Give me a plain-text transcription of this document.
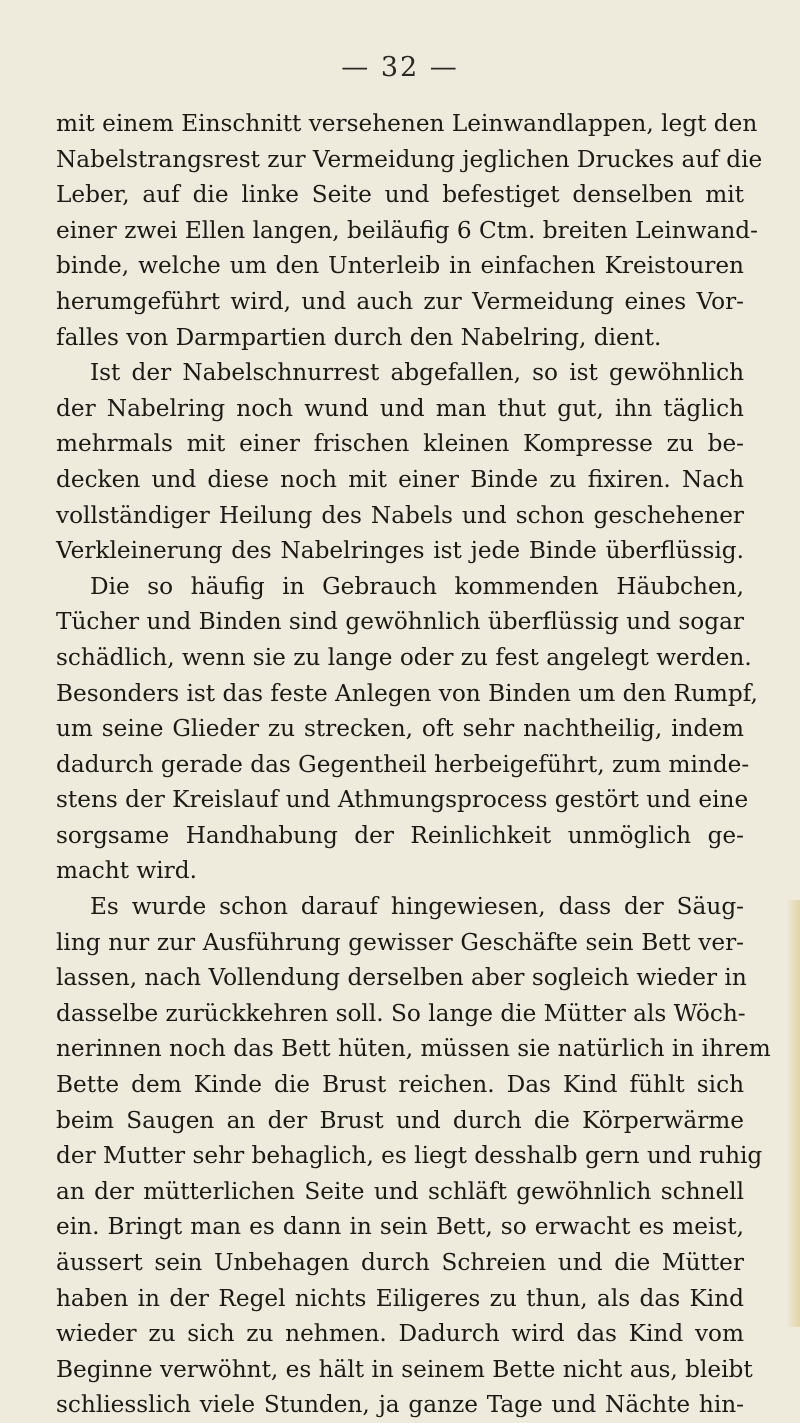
— 32 —
mit einem Einschnitt versehenen Leinwandlappen, legt den
Nabelstrangsrest zur Vermeidung jeglichen Druckes auf die
Leber, auf die linke Seite und befestiget denselben mit
einer zwei Ellen langen, beiläufig 6 Ctm. breiten Leinwand-
binde, welche um den Unterleib in einfachen Kreistouren
herumgeführt wird, und auch zur Vermeidung eines Vor-
falles von Darmpartien durch den Nabelring, dient.
Ist der Nabelschnurrest abgefallen, so ist gewöhnlich
der Nabelring noch wund und man thut gut, ihn täglich
mehrmals mit einer frischen kleinen Kompresse zu be-
decken und diese noch mit einer Binde zu fixiren. Nach
vollständiger Heilung des Nabels und schon geschehener
Verkleinerung des Nabelringes ist jede Binde überflüssig.
Die so häufig in Gebrauch kommenden Häubchen,
Tücher und Binden sind gewöhnlich überflüssig und sogar
schädlich, wenn sie zu lange oder zu fest angelegt werden.
Besonders ist das feste Anlegen von Binden um den Rumpf,
um seine Glieder zu strecken, oft sehr nachtheilig, indem
dadurch gerade das Gegentheil herbeigeführt, zum minde-
stens der Kreislauf und Athmungsprocess gestört und eine
sorgsame Handhabung der Reinlichkeit unmöglich ge-
macht wird.
Es wurde schon darauf hingewiesen, dass der Säug-
ling nur zur Ausführung gewisser Geschäfte sein Bett ver-
lassen, nach Vollendung derselben aber sogleich wieder in
dasselbe zurückkehren soll. So lange die Mütter als Wöch-
nerinnen noch das Bett hüten, müssen sie natürlich in ihrem
Bette dem Kinde die Brust reichen. Das Kind fühlt sich
beim Saugen an der Brust und durch die Körperwärme
der Mutter sehr behaglich, es liegt desshalb gern und ruhig
an der mütterlichen Seite und schläft gewöhnlich schnell
ein. Bringt man es dann in sein Bett, so erwacht es meist,
äussert sein Unbehagen durch Schreien und die Mütter
haben in der Regel nichts Eiligeres zu thun, als das Kind
wieder zu sich zu nehmen. Dadurch wird das Kind vom
Beginne verwöhnt, es hält in seinem Bette nicht aus, bleibt
schliesslich viele Stunden, ja ganze Tage und Nächte hin-
